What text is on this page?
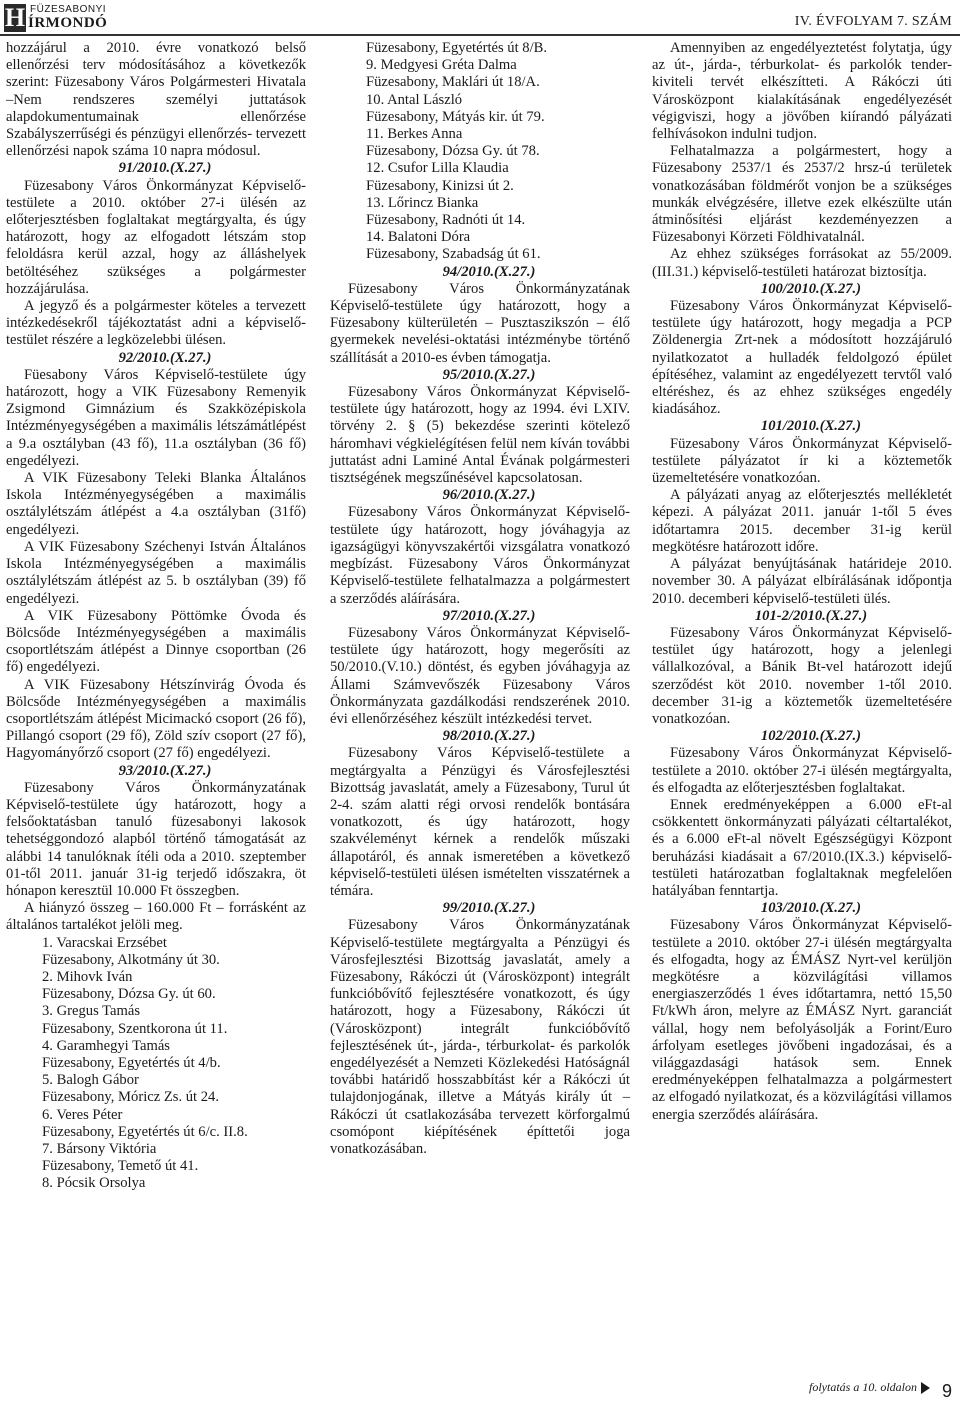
H FÜZESABONYI
ÍRMONDÓ	IV. ÉVFOLYAM 7. SZÁM

hozzájárul a 2010. évre vonatkozó belső ellenőrzési terv módosításához a következők szerint: Füzesabony Város Polgármesteri Hivatala –Nem rendszeres személyi juttatások alapdokumentumainak ellenőrzése Szabályszerrűségi és pénzügyi ellenőrzés- tervezett ellenőrzési napok száma 10 napra módosul.

91/2010.(X.27.)

Füzesabony Város Önkormányzat Képviselő-testülete a 2010. október 27-i ülésén az előterjesztésben foglaltakat megtárgyalta, és úgy határozott, hogy az elfogadott létszám stop feloldásra kerül azzal, hogy az álláshelyek betöltéséhez szükséges a polgármester hozzájárulása.

A jegyző és a polgármester köteles a tervezett intézkedésekről tájékoztatást adni a képviselő-testület részére a legközelebbi ülésen.

92/2010.(X.27.)

Füesabony Város Képviselő-testülete úgy határozott, hogy a VIK Füzesabony Remenyik Zsigmond Gimnázium és Szakközépiskola Intézményegységében a maximális létszámátlépést a 9.a osztályban (43 fő), 11.a osztályban (36 fő) engedélyezi.

A VIK Füzesabony Teleki Blanka Általános Iskola Intézményegységében a maximális osztálylétszám átlépést a 4.a osztályban (31fő) engedélyezi.

A VIK Füzesabony Széchenyi István Általános Iskola Intézményegységében a maximális osztálylétszám átlépést az 5. b osztályban (39) fő engedélyezi.

A VIK Füzesabony Pöttömke Óvoda és Bölcsőde Intézményegységében a maximális csoportlétszám átlépést a Dinnye csoportban (26 fő) engedélyezi.

A VIK Füzesabony Hétszínvirág Óvoda és Bölcsőde Intézményegységében a maximális csoportlétszám átlépést Micimackó csoport (26 fő), Pillangó csoport (29 fő), Zöld szív csoport (27 fő), Hagyományőrző csoport (27 fő) engedélyezi.

93/2010.(X.27.)

Füzesabony Város Önkormányzatának Képviselő-testülete úgy határozott, hogy a felsőoktatásban tanuló füzesabonyi lakosok tehetséggondozó alapból történő támogatását az alábbi 14 tanulóknak ítéli oda a 2010. szeptember 01-től 2011. január 31-ig terjedő időszakra, öt hónapon keresztül 10.000 Ft összegben.

A hiányzó összeg – 160.000 Ft – forrásként az általános tartalékot jelöli meg.

1. Varacskai Erzsébet

Füzesabony, Alkotmány út 30.

2. Mihovk Iván

Füzesabony, Dózsa Gy. út 60.

3. Gregus Tamás

Füzesabony, Szentkorona út 11.

4. Garamhegyi Tamás

Füzesabony, Egyetértés út 4/b.

5. Balogh Gábor

Füzesabony, Móricz Zs. út 24.

6. Veres Péter

Füzesabony, Egyetértés út 6/c. II.8.

7. Bársony Viktória

Füzesabony, Temető út 41.

8. Pócsik Orsolya

Füzesabony, Egyetértés út 8/B.

9. Medgyesi Gréta Dalma

Füzesabony, Maklári út 18/A.

10. Antal László

Füzesabony, Mátyás kir. út 79.

11. Berkes Anna

Füzesabony, Dózsa Gy. út 78.

12. Csufor Lilla Klaudia

Füzesabony, Kinizsi út 2.

13. Lőrincz Bianka

Füzesabony, Radnóti út 14.

14. Balatoni Dóra

Füzesabony, Szabadság út 61.

94/2010.(X.27.)

Füzesabony Város Önkormányzatának Képviselő-testülete úgy határozott, hogy a Füzesabony külterületén – Pusztaszikszón – élő gyermekek nevelési-oktatási intézménybe történő szállítását a 2010-es évben támogatja.

95/2010.(X.27.)

Füzesabony Város Önkormányzat Képviselő-testülete úgy határozott, hogy az 1994. évi LXIV. törvény 2. § (5) bekezdése szerinti kötelező háromhavi végkielégítésen felül nem kíván további juttatást adni Laminé Antal Évának polgármesteri tisztségének megszűnésével kapcsolatosan.

96/2010.(X.27.)

Füzesabony Város Önkormányzat Képviselő-testülete úgy határozott, hogy jóváhagyja az igazságügyi könyvszakértői vizsgálatra vonatkozó megbízást. Füzesabony Város Önkormányzat Képviselő-testülete felhatalmazza a polgármestert a szerződés aláírására.

97/2010.(X.27.)

Füzesabony Város Önkormányzat Képviselő-testülete úgy határozott, hogy megerősíti az 50/2010.(V.10.) döntést, és egyben jóváhagyja az Állami Számvevőszék Füzesabony Város Önkormányzata gazdálkodási rendszerének 2010. évi ellenőrzéséhez készült intézkedési tervet.

98/2010.(X.27.)

Füzesabony Város Képviselő-testülete a megtárgyalta a Pénzügyi és Városfejlesztési Bizottság javaslatát, amely a Füzesabony, Turul út 2-4. szám alatti régi orvosi rendelők bontására vonatkozott, és úgy határozott, hogy szakvéleményt kérnek a rendelők műszaki állapotáról, és annak ismeretében a következő képviselő-testületi ülésen ismételten visszatérnek a témára.

99/2010.(X.27.)

Füzesabony Város Önkormányzatának Képviselő-testülete megtárgyalta a Pénzügyi és Városfejlesztési Bizottság javaslatát, amely a Füzesabony, Rákóczi út (Városközpont) integrált funkcióbővítő fejlesztésére vonatkozott, és úgy határozott, hogy a Füzesabony, Rákóczi út (Városközpont) integrált funkcióbővítő fejlesztésének út-, járda-, térburkolat- és parkolók engedélyezését a Nemzeti Közlekedési Hatóságnál további határidő hosszabbítást kér a Rákóczi út tulajdonjogának, illetve a Mátyás király út – Rákóczi út csatlakozásába tervezett körforgalmú csomópont kiépítésének építtetői joga vonatkozásában.

Amennyiben az engedélyeztetést folytatja, úgy az út-, járda-, térburkolat- és parkolók tender-kiviteli tervét elkészítteti. A Rákóczi úti Városközpont kialakításának engedélyezését végigviszi, hogy a jövőben kiírandó pályázati felhívásokon indulni tudjon.

Felhatalmazza a polgármestert, hogy a Füzesabony 2537/1 és 2537/2 hrsz-ú területek vonatkozásában földmérőt vonjon be a szükséges munkák elvégzésére, illetve ezek elkészülte után átminősítési eljárást kezdeményezzen a Füzesabonyi Körzeti Földhivatalnál.

Az ehhez szükséges forrásokat az 55/2009. (III.31.) képviselő-testületi határozat biztosítja.

100/2010.(X.27.)

Füzesabony Város Önkormányzat Képviselő-testülete úgy határozott, hogy megadja a PCP Zöldenergia Zrt-nek a módosított hozzájáruló nyilatkozatot a hulladék feldolgozó épület építéséhez, valamint az engedélyezett tervtől való eltéréshez, és az ehhez szükséges engedély kiadásához.

101/2010.(X.27.)

Füzesabony Város Önkormányzat Képviselő-testülete pályázatot ír ki a köztemetők üzemeltetésére vonatkozóan.

A pályázati anyag az előterjesztés mellékletét képezi. A pályázat 2011. január 1-től 5 éves időtartamra 2015. december 31-ig kerül megkötésre határozott időre.

A pályázat benyújtásának határideje 2010. november 30. A pályázat elbírálásának időpontja 2010. decemberi képviselő-testületi ülés.

101-2/2010.(X.27.)

Füzesabony Város Önkormányzat Képviselő-testület úgy határozott, hogy a jelenlegi vállalkozóval, a Bánik Bt-vel határozott idejű szerződést köt 2010. november 1-től 2010. december 31-ig a köztemetők üzemeltetésére vonatkozóan.

102/2010.(X.27.)

Füzesabony Város Önkormányzat Képviselő-testülete a 2010. október 27-i ülésén megtárgyalta, és elfogadta az előterjesztésben foglaltakat.

Ennek eredményeképpen a 6.000 eFt-al csökkentett önkormányzati pályázati céltartalékot, és a 6.000 eFt-al növelt Egészségügyi Központ beruházási kiadásait a 67/2010.(IX.3.) képviselő-testületi határozatban foglaltaknak megfelelően hatályában fenntartja.

103/2010.(X.27.)

Füzesabony Város Önkormányzat Képviselő-testülete a 2010. október 27-i ülésén megtárgyalta és elfogadta, hogy az ÉMÁSZ Nyrt-vel kerüljön megkötésre a közvilágítási villamos energiaszerződés 1 éves időtartamra, nettó 15,50 Ft/kWh áron, melyre az ÉMÁSZ Nyrt. garanciát vállal, hogy nem befolyásolják a Forint/Euro árfolyam esetleges jövőbeni ingadozásai, és a világgazdasági hatások sem. Ennek eredményeképpen felhatalmazza a polgármestert az elfogadó nyilatkozat, és a közvilágítási villamos energia szerződés aláírására.

folytatás a 10. oldalon 9
